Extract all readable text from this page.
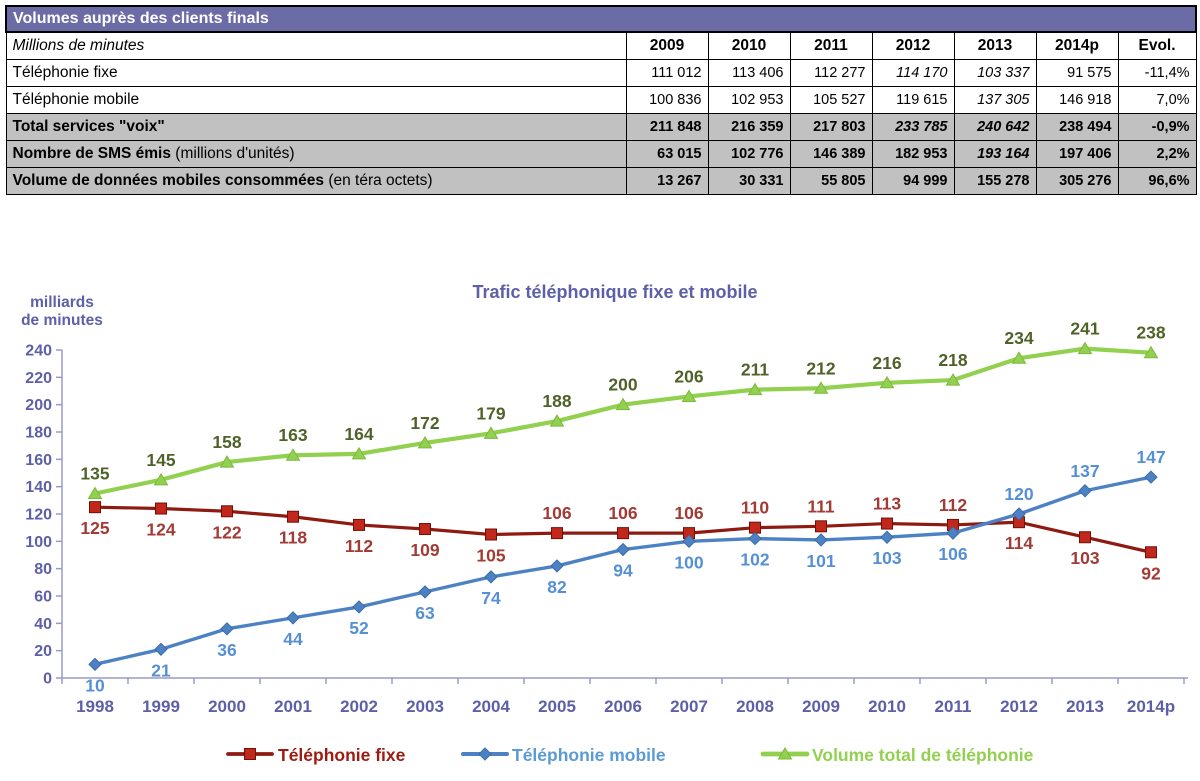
Volumes auprès des clients finals							
Millions de minutes	2009	2010	2011	2012	2013	2014p	Evol.
Téléphonie fixe	111 012	113 406	112 277	114 170	103 337	91 575	-11,4%
Téléphonie mobile	100 836	102 953	105 527	119 615	137 305	146 918	7,0%
Total services "voix"	211 848	216 359	217 803	233 785	240 642	238 494	-0,9%
Nombre de SMS émis (millions d'unités)	63 015	102 776	146 389	182 953	193 164	197 406	2,2%
Volume de données mobiles consommées (en téra octets)	13 267	30 331	55 805	94 999	155 278	305 276	96,6%
Trafic téléphonique fixe et mobile
milliards
de minutes
0
20
40
60
80
100
120
140
160
180
200
220
240
1998 1999 2000 2001 2002 2003 2004 2005 2006 2007 2008 2009 2010 2011 2012 2013 2014p
125 124 122 118 112 109 105
106 106 106 110 111 113 112
114
103
92
10
21
36
44
52
63
74
82
94 100 102 101 103 106
120
137
147
135
145
158 163 164
172 179
188
200 206 211 212 216 218
234 241 238
Téléphonie fixe	Téléphonie mobile	Volume total de téléphonie
